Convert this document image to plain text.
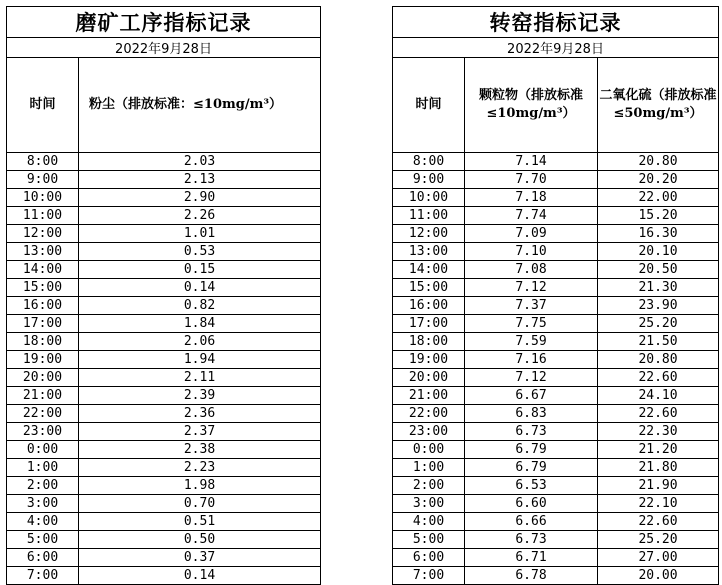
磨矿工序指标记录	
2022年9月28日	
时间	粉尘（排放标准：≤10mg/m³）
8:00	2.03
9:00	2.13
10:00	2.90
11:00	2.26
12:00	1.01
13:00	0.53
14:00	0.15
15:00	0.14
16:00	0.82
17:00	1.84
18:00	2.06
19:00	1.94
20:00	2.11
21:00	2.39
22:00	2.36
23:00	2.37
0:00	2.38
1:00	2.23
2:00	1.98
3:00	0.70
4:00	0.51
5:00	0.50
6:00	0.37
7:00	0.14
转窑指标记录		
2022年9月28日		
时间	颗粒物（排放标准≤10mg/m³）	二氧化硫（排放标准≤50mg/m³）
8:00	7.14	20.80
9:00	7.70	20.20
10:00	7.18	22.00
11:00	7.74	15.20
12:00	7.09	16.30
13:00	7.10	20.10
14:00	7.08	20.50
15:00	7.12	21.30
16:00	7.37	23.90
17:00	7.75	25.20
18:00	7.59	21.50
19:00	7.16	20.80
20:00	7.12	22.60
21:00	6.67	24.10
22:00	6.83	22.60
23:00	6.73	22.30
0:00	6.79	21.20
1:00	6.79	21.80
2:00	6.53	21.90
3:00	6.60	22.10
4:00	6.66	22.60
5:00	6.73	25.20
6:00	6.71	27.00
7:00	6.78	20.00
